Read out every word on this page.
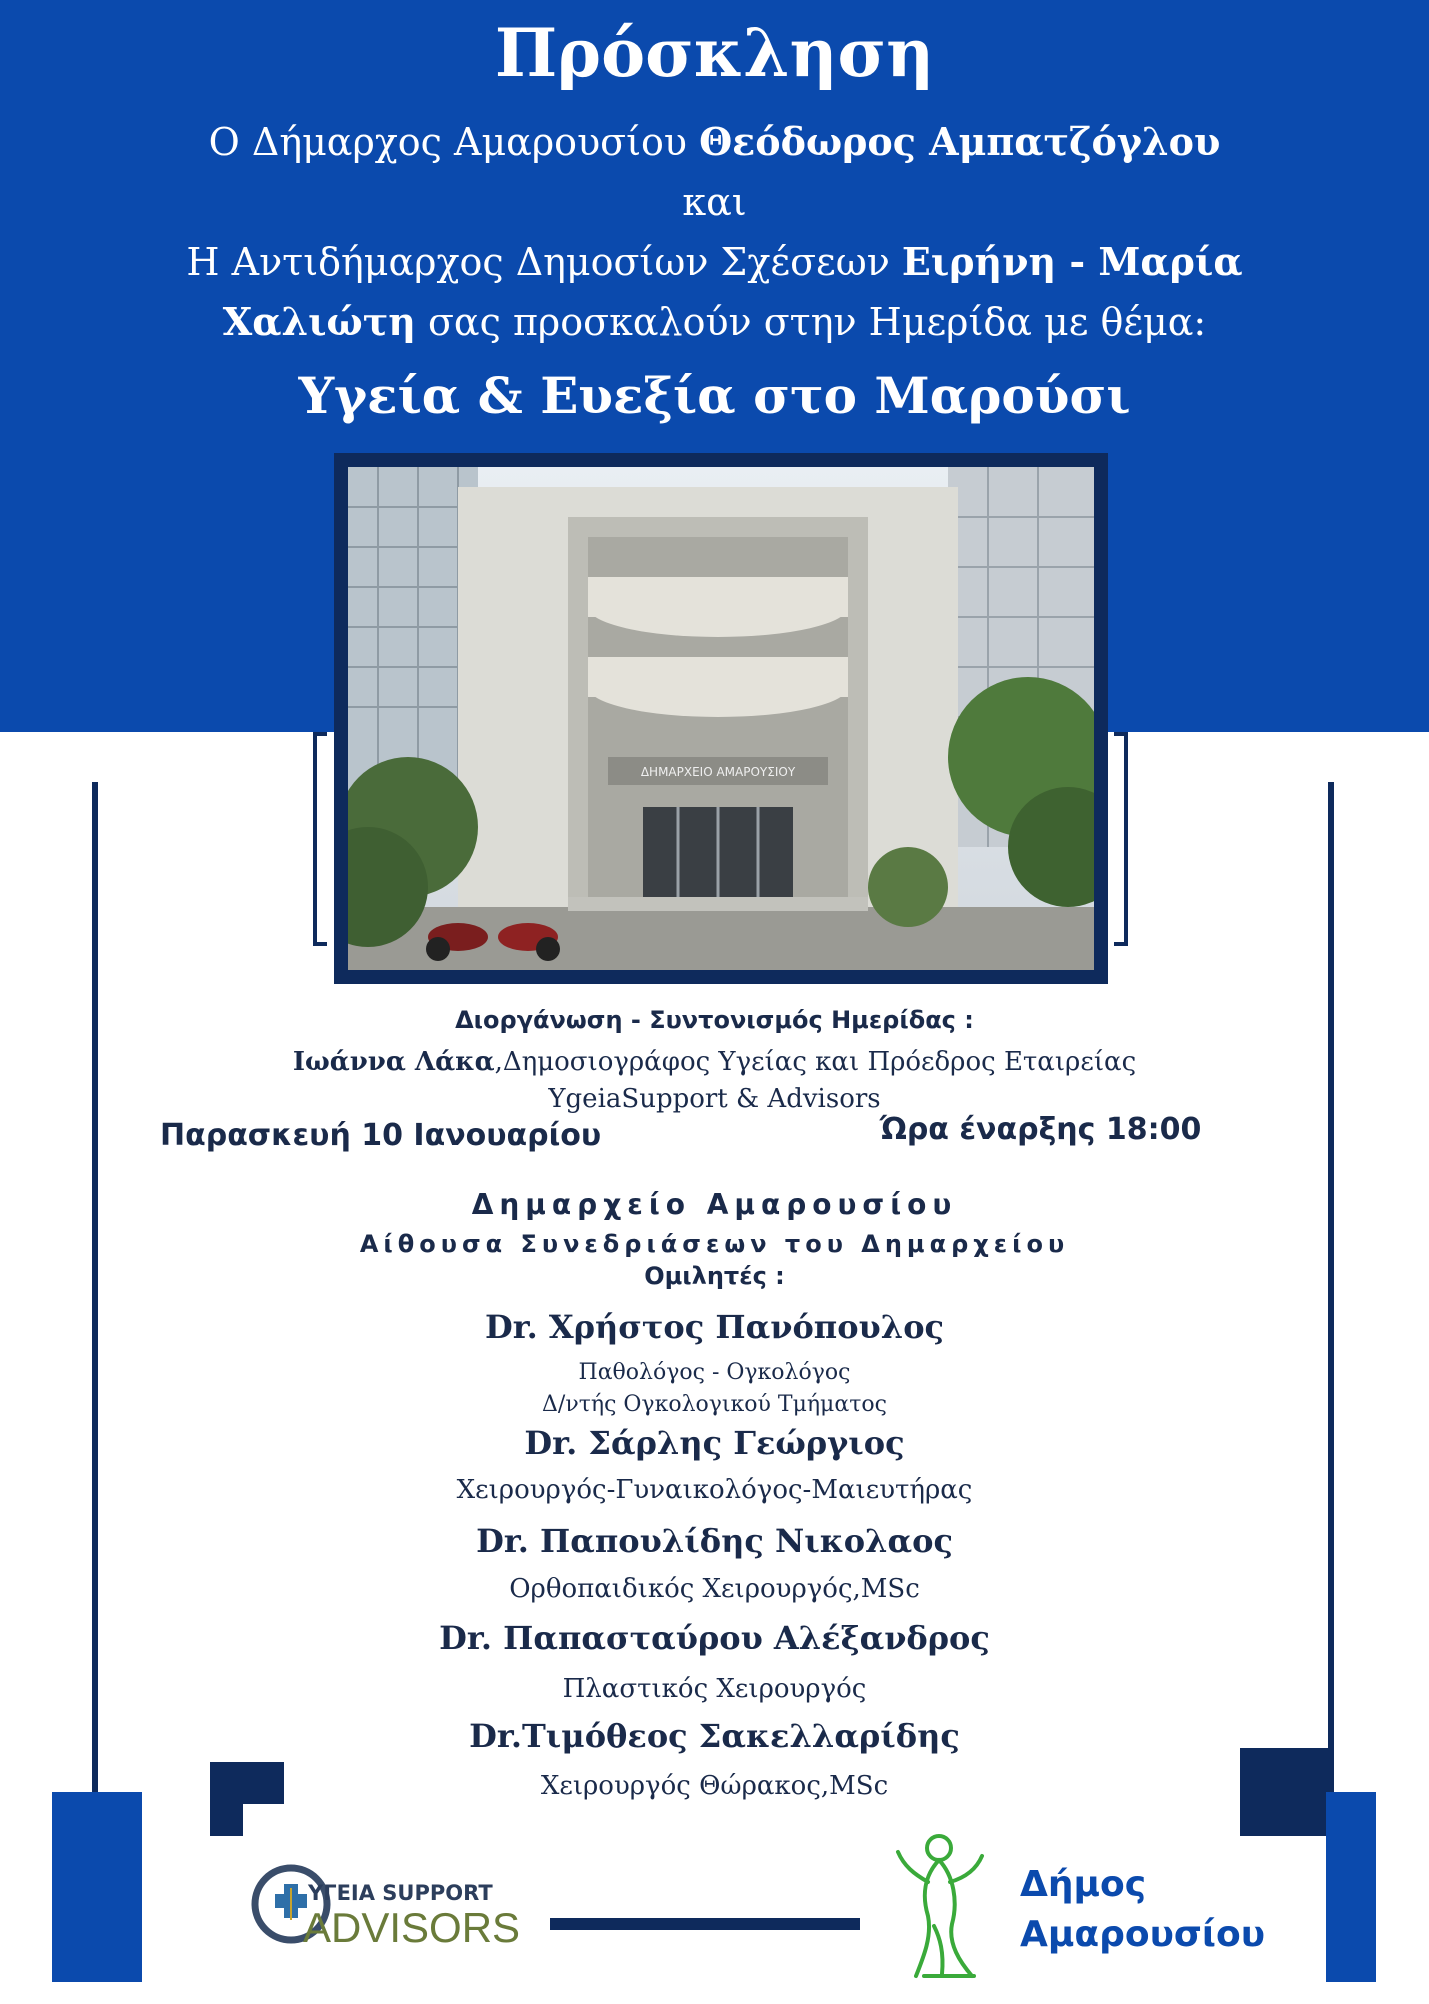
Πρόσκληση
Ο Δήμαρχος Αμαρουσίου Θεόδωρος Αμπατζόγλου
και
Η Αντιδήμαρχος Δημοσίων Σχέσεων Ειρήνη - Μαρία Χαλιώτη σας προσκαλούν στην Ημερίδα με θέμα:
Υγεία & Ευεξία στο Μαρούσι
ΔΗΜΑΡΧΕΙΟ ΑΜΑΡΟΥΣΙΟΥ
Διοργάνωση - Συντονισμός Ημερίδας :
Ιωάννα Λάκα,Δημοσιογράφος Υγείας και Πρόεδρος Εταιρείας YgeiaSupport & Advisors
Παρασκευή 10 Ιανουαρίου	Ώρα έναρξης 18:00
Δημαρχείο Αμαρουσίου
Αίθουσα Συνεδριάσεων του Δημαρχείου
Ομιλητές :
Dr. Χρήστος Πανόπουλος
Παθολόγος - Ογκολόγος
Δ/ντής Ογκολογικού Τμήματος
Dr. Σάρλης Γεώργιος
Χειρουργός-Γυναικολόγος-Μαιευτήρας
Dr. Παπουλίδης Νικολαος
Ορθοπαιδικός Χειρουργός,MSc
Dr. Παπασταύρου Αλέξανδρος
Πλαστικός Χειρουργός
Dr.Τιμόθεος Σακελλαρίδης
Χειρουργός Θώρακος,MSc
ΥΓΕΙΑ SUPPORT
ADVISORS
Δήμος
Αμαρουσίου
